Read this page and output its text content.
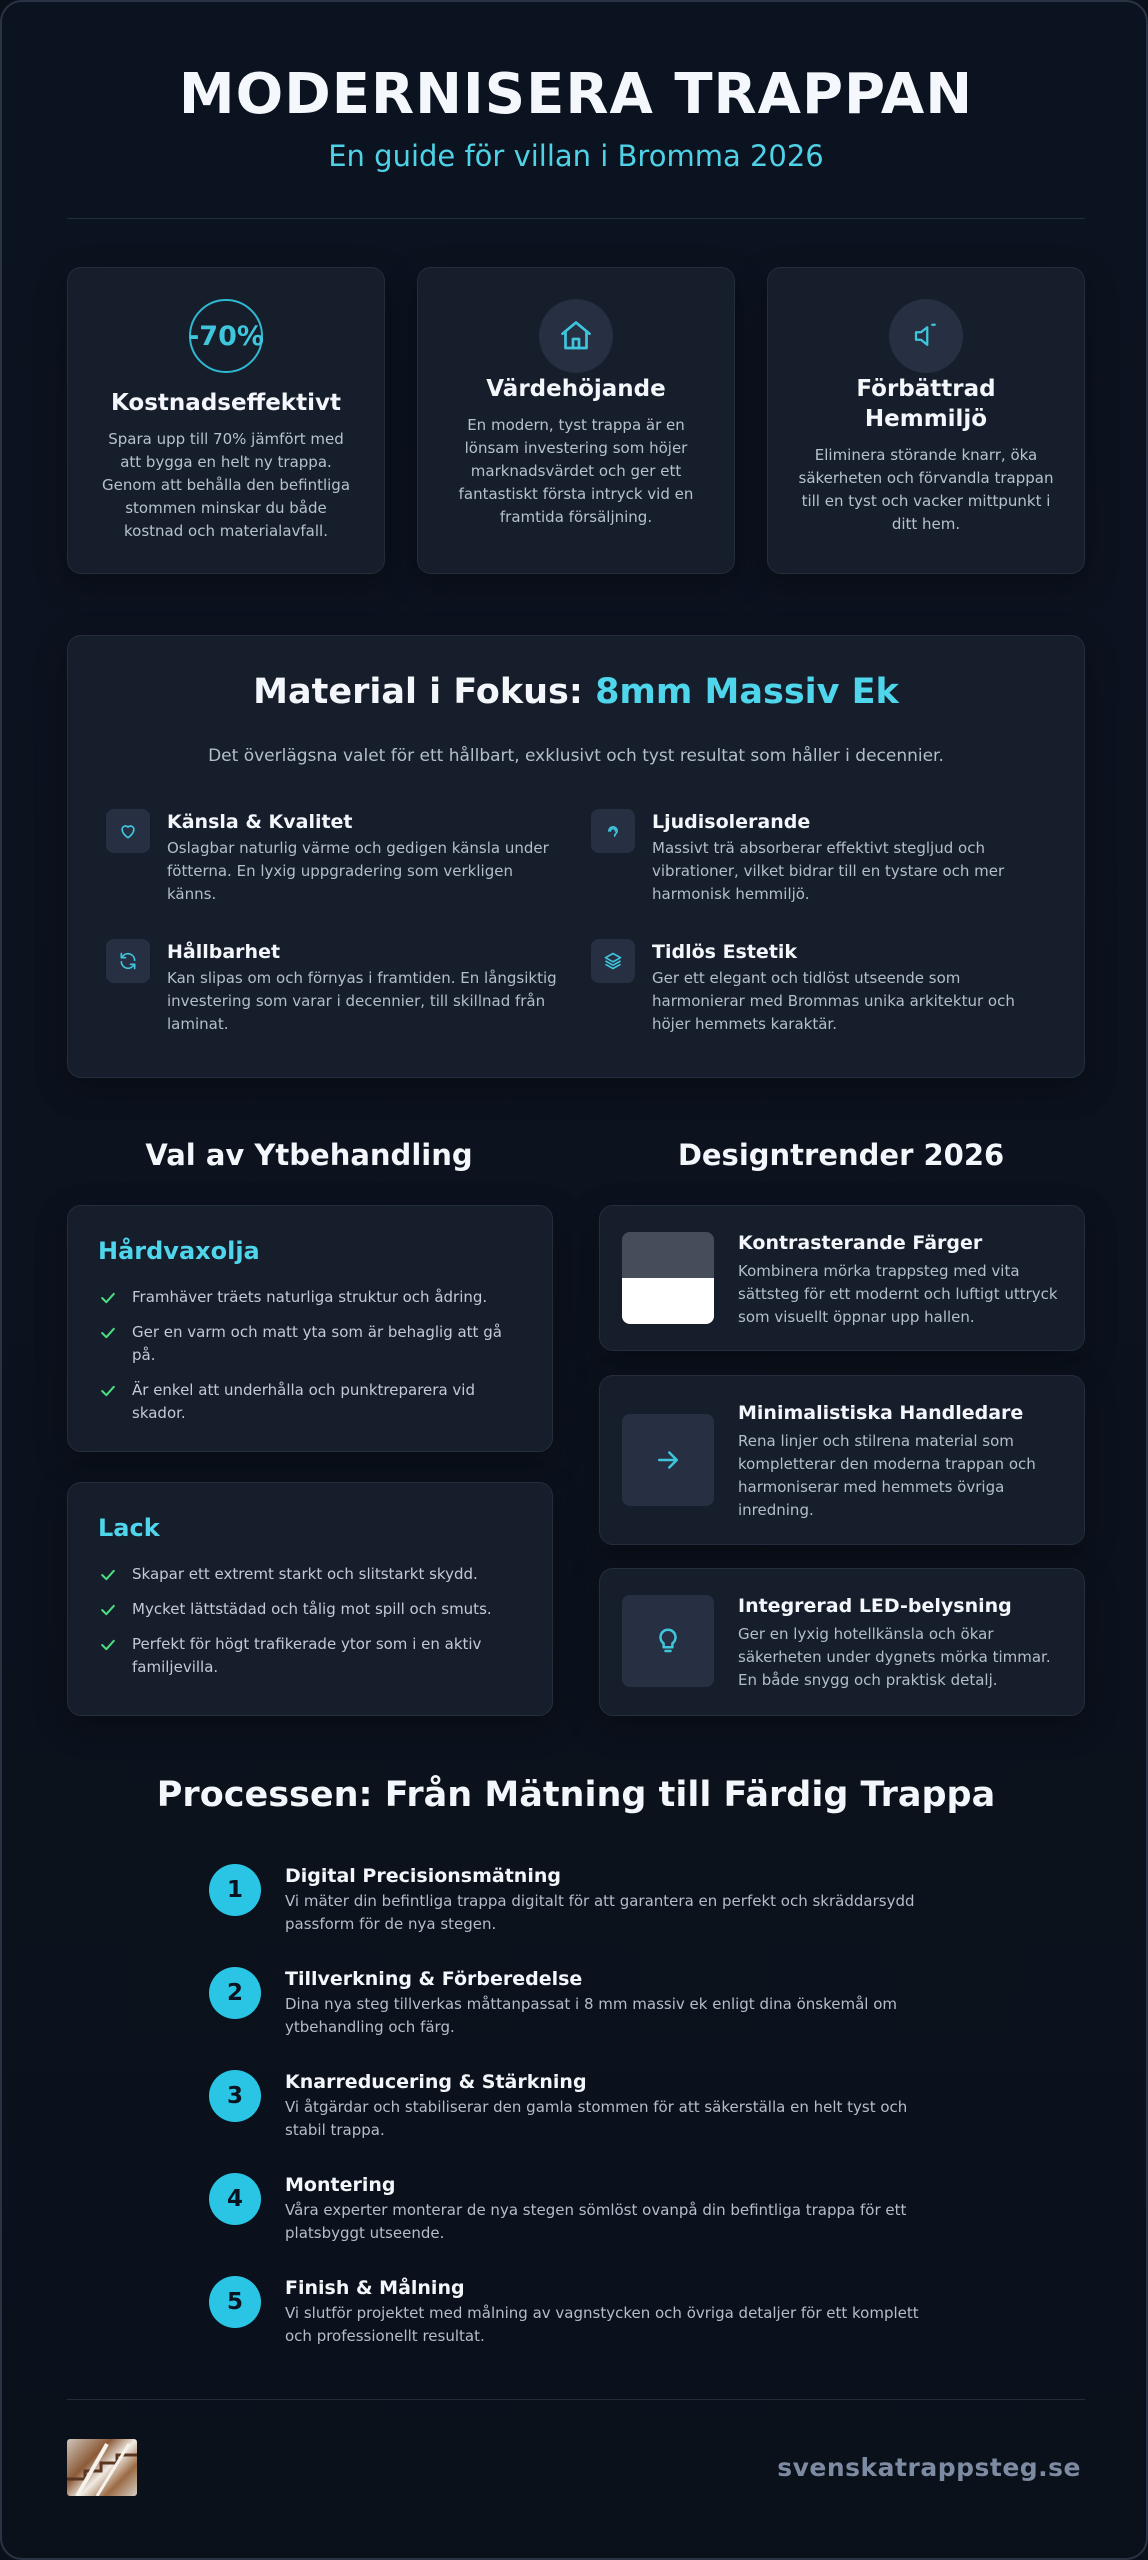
MODERNISERA TRAPPAN
En guide för villan i Bromma 2026
-70%
Kostnadseffektivt

Spara upp till 70% jämfört med att bygga en helt ny trappa. Genom att behålla den befintliga stommen minskar du både kostnad och materialavfall.

Värdehöjande

En modern, tyst trappa är en lönsam investering som höjer marknadsvärdet och ger ett fantastiskt första intryck vid en framtida försäljning.

Förbättrad Hemmiljö

Eliminera störande knarr, öka säkerheten och förvandla trappan till en tyst och vacker mittpunkt i ditt hem.

Material i Fokus: 8mm Massiv Ek
Det överlägsna valet för ett hållbart, exklusivt och tyst resultat som håller i decennier.
Känsla & Kvalitet

Oslagbar naturlig värme och gedigen känsla under fötterna. En lyxig uppgradering som verkligen känns.

Ljudisolerande

Massivt trä absorberar effektivt stegljud och vibrationer, vilket bidrar till en tystare och mer harmonisk hemmiljö.

Hållbarhet

Kan slipas om och förnyas i framtiden. En långsiktig investering som varar i decennier, till skillnad från laminat.

Tidlös Estetik

Ger ett elegant och tidlöst utseende som harmonierar med Brommas unika arkitektur och höjer hemmets karaktär.

Val av Ytbehandling	Designtrender 2026
Hårdvaxolja
Framhäver träets naturliga struktur och ådring.
Ger en varm och matt yta som är behaglig att gå på.
Är enkel att underhålla och punktreparera vid skador.
Lack
Skapar ett extremt starkt och slitstarkt skydd.
Mycket lättstädad och tålig mot spill och smuts.
Perfekt för högt trafikerade ytor som i en aktiv familjevilla.
Kontrasterande Färger

Kombinera mörka trappsteg med vita sättsteg för ett modernt och luftigt uttryck som visuellt öppnar upp hallen.

Minimalistiska Handledare

Rena linjer och stilrena material som kompletterar den moderna trappan och harmoniserar med hemmets övriga inredning.

Integrerad LED-belysning

Ger en lyxig hotellkänsla och ökar säkerheten under dygnets mörka timmar. En både snygg och praktisk detalj.

Processen: Från Mätning till Färdig Trappa
1
Digital Precisionsmätning

Vi mäter din befintliga trappa digitalt för att garantera en perfekt och skräddarsydd passform för de nya stegen.

2
Tillverkning & Förberedelse

Dina nya steg tillverkas måttanpassat i 8 mm massiv ek enligt dina önskemål om ytbehandling och färg.

3
Knarreducering & Stärkning

Vi åtgärdar och stabiliserar den gamla stommen för att säkerställa en helt tyst och stabil trappa.

4
Montering

Våra experter monterar de nya stegen sömlöst ovanpå din befintliga trappa för ett platsbyggt utseende.

5
Finish & Målning

Vi slutför projektet med målning av vagnstycken och övriga detaljer för ett komplett och professionellt resultat.

svenskatrappsteg.se
